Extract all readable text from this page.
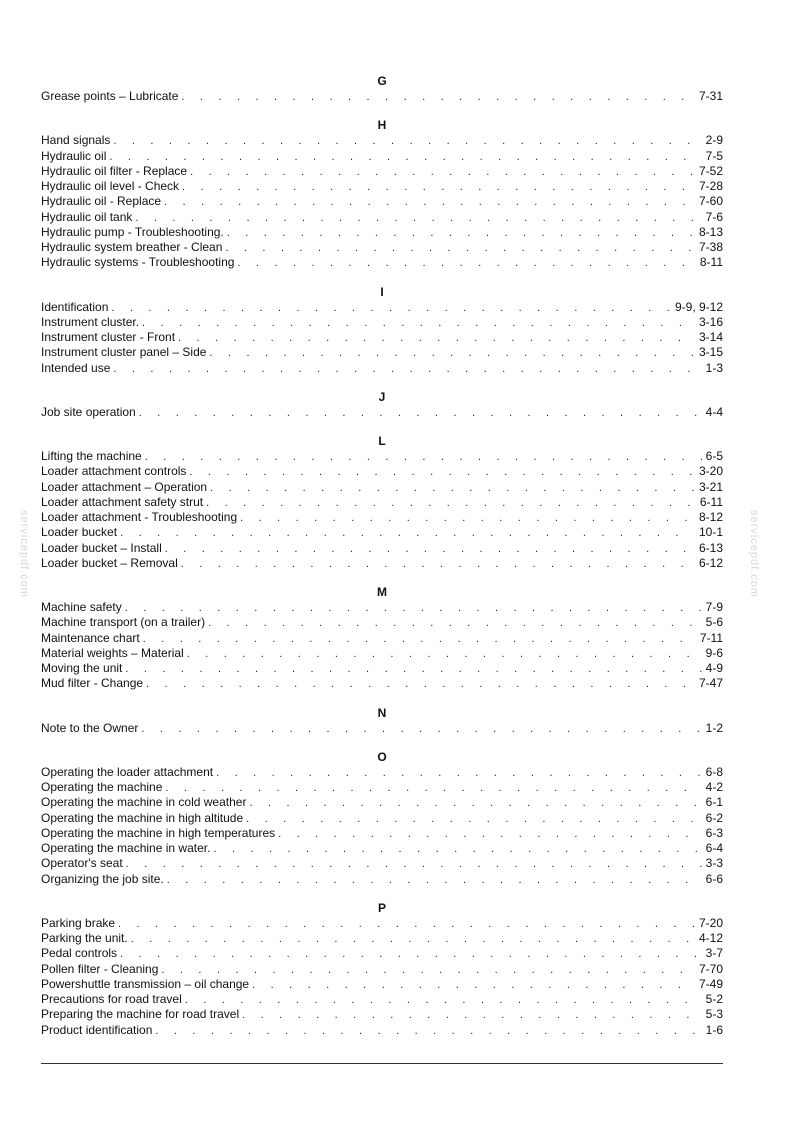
servicepdf.com	servicepdf.com
G
Grease points – Lubricate . . .	7-31
H
Hand signals . . .	2-9
Hydraulic oil . . .	7-5
Hydraulic oil filter - Replace . . .	7-52
Hydraulic oil level - Check . . .	7-28
Hydraulic oil - Replace . . .	7-60
Hydraulic oil tank . . .	7-6
Hydraulic pump - Troubleshooting. . . .	8-13
Hydraulic system breather - Clean . . .	7-38
Hydraulic systems - Troubleshooting . . .	8-11
I
Identification . . .	9-9, 9-12
Instrument cluster. . . .	3-16
Instrument cluster - Front . . .	3-14
Instrument cluster panel – Side . . .	3-15
Intended use . . .	1-3
J
Job site operation . . .	4-4
L
Lifting the machine . . .	6-5
Loader attachment controls . . .	3-20
Loader attachment – Operation . . .	3-21
Loader attachment safety strut . . .	6-11
Loader attachment - Troubleshooting . . .	8-12
Loader bucket . . .	10-1
Loader bucket – Install . . .	6-13
Loader bucket – Removal . . .	6-12
M
Machine safety . . .	7-9
Machine transport (on a trailer) . . .	5-6
Maintenance chart . . .	7-11
Material weights – Material . . .	9-6
Moving the unit . . .	4-9
Mud filter - Change . . .	7-47
N
Note to the Owner . . .	1-2
O
Operating the loader attachment . . .	6-8
Operating the machine . . .	4-2
Operating the machine in cold weather . . .	6-1
Operating the machine in high altitude . . .	6-2
Operating the machine in high temperatures . . .	6-3
Operating the machine in water. . . .	6-4
Operator's seat . . .	3-3
Organizing the job site. . . .	6-6
P
Parking brake . . .	7-20
Parking the unit. . . .	4-12
Pedal controls . . .	3-7
Pollen filter - Cleaning . . .	7-70
Powershuttle transmission – oil change . . .	7-49
Precautions for road travel . . .	5-2
Preparing the machine for road travel . . .	5-3
Product identification . . .	1-6
